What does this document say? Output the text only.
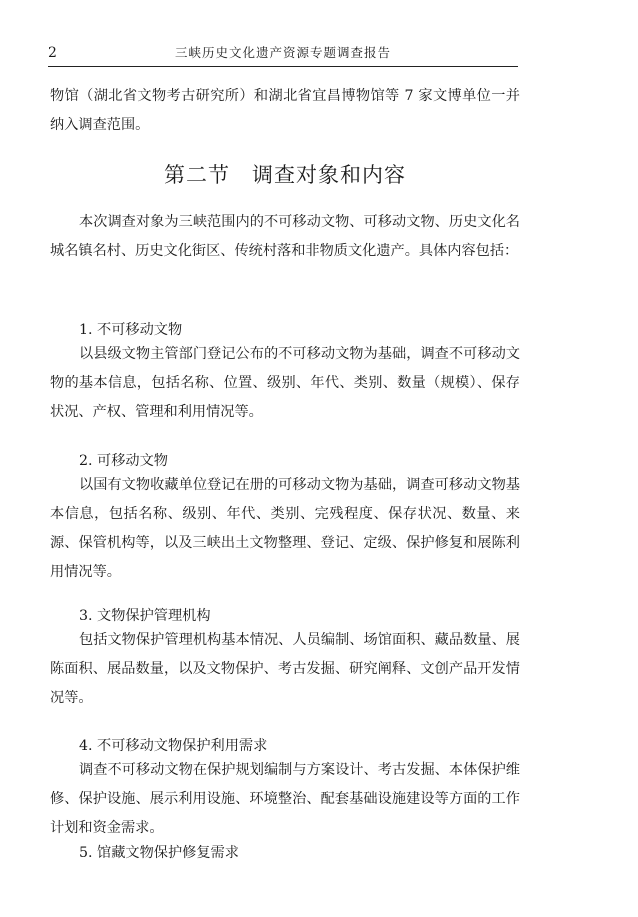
2	三峡历史文化遗产资源专题调查报告

物馆（湖北省文物考古研究所）和湖北省宜昌博物馆等 7 家文博单位一并纳入调查范围。

第二节　调查对象和内容

本次调查对象为三峡范围内的不可移动文物、可移动文物、历史文化名城名镇名村、历史文化街区、传统村落和非物质文化遗产。具体内容包括：

1. 不可移动文物

以县级文物主管部门登记公布的不可移动文物为基础，调查不可移动文物的基本信息，包括名称、位置、级别、年代、类别、数量（规模）、保存状况、产权、管理和利用情况等。

2. 可移动文物

以国有文物收藏单位登记在册的可移动文物为基础，调查可移动文物基本信息，包括名称、级别、年代、类别、完残程度、保存状况、数量、来源、保管机构等，以及三峡出土文物整理、登记、定级、保护修复和展陈利用情况等。

3. 文物保护管理机构

包括文物保护管理机构基本情况、人员编制、场馆面积、藏品数量、展陈面积、展品数量，以及文物保护、考古发掘、研究阐释、文创产品开发情况等。

4. 不可移动文物保护利用需求

调查不可移动文物在保护规划编制与方案设计、考古发掘、本体保护维修、保护设施、展示利用设施、环境整治、配套基础设施建设等方面的工作计划和资金需求。

5. 馆藏文物保护修复需求
